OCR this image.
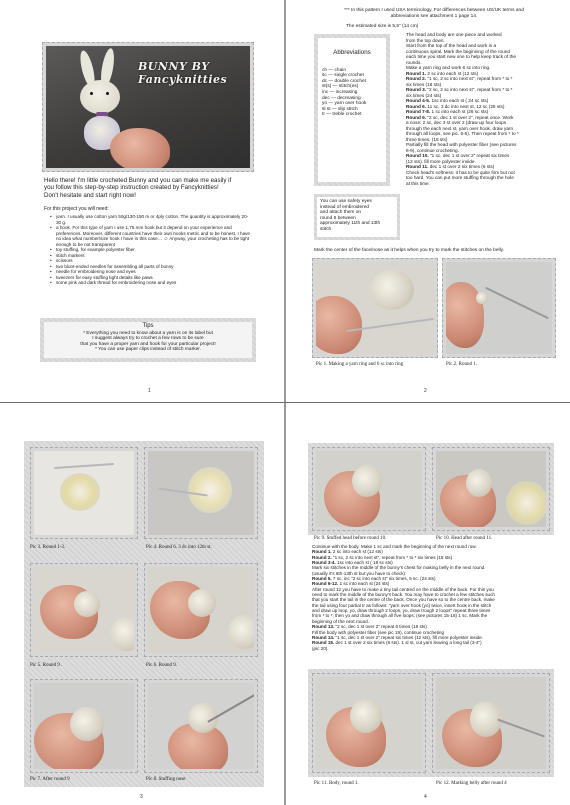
BUNNY BY Fancyknitties
Hello there! I'm little crocheted Bunny and you can make me easily if
you follow this step-by-step instruction created by Fancyknitties!
Don't hesitate and start right now!
For this project you will need:
• yarn. I usually use cotton yarn 50g/130-150 m or 4ply cotton. The quantity is approximately 20-30 g.
• a hook. For this type of yarn I use 1,75 mm hook but it depend on your experience and preferences. Moreover, different countries have their own hooks metric and to be honest, I have no idea what number/size hook I have in this case… ☺ Anyway, your crocheting has to be tight enough to be not transparent
• toy stuffing, for example polyester fiber
• stitch markers
• scissors
• two blunt-ended needles for assembling all parts of bunny
• needle for embroidering nose and eyes
• tweezers for easy stuffing tight details like paws
• some pink and dark thread for embroidering nose and eyes
Tips
* Everything you need to know about a yarn is on its label but
I suggest always try to crochet a few rows to be sure
that you have a proper yarn and hook for your particular project!
* You can use paper clips instead of stitch marker.
1
*** In this pattern I used USA terminology. For differences between US/UK terms and
abbreviations see attachment 1 page 14.
The estimated size is 5,5" (14 cm)
Abbreviations
ch — chain
sc — single crochet
dc — double crochet
st(s) — stitch(es)
inc — increasing
dec — decreasing
yo — yarn over hook
sl st — slip stitch
tr — treble crochet
You can use safety eyes
instead of embroidered
and attach them on
round 6 between
approximately 11th and 13th
stitch
The head and body are one piece and worked
from the top down.
Start from the top of the head and work in a
continuous spiral. Mark the beginning of the round
each time you start new one to help keep track of the
rounds.
Make a yarn ring and work 6 sc into ring.
Round 1. 2 sc into each st (12 sts)
Round 2. "1 sc, 2 sc into next st", repeat from * to *
six times (18 sts)
Round 3. "2 sc, 2 sc into next st", repeat from * to *
six times (24 sts)
Round 4-5. 1sc into each st ( 24 sc sts)
Round 6. 11 sc, 3 dc into next st, 12 sc (26 sts)
Round 7-8. 1 sc into each st (26 sc sts)
Round 9. "2 sc, dec 1 st over 2", repeat once. Work
a nose: 2 sc, dec 3 st over 2 (draw up four loops
through the each next st, yarn over hook, draw yarn
through all loops, see pic. 5-6). Then repeat from * to *
three times. (18 sts)
Partially fill the head with polyester fiber (see pictures
8-9), continue crocheting.
Round 10. "1 sc, dec 1 st over 2" repeat six times
(12 sts), fill more polyester inside.
Round 11. dec 1 st over 2 six times (6 sts)
Check head's softness: it has to be quite firm but not
too hard. You can put more stuffing through the hole
at this time.
Mark the center of the face/nose as it helps when you try to mark the stitches on the belly.
Pic 1. Making a yarn ring and 6 sc into ring	Pic 2. Round 1.
2
Pic 3. Round 1-3.	Pic 4. Round 6. 3 dc into 12th st.
Pic 5. Round 9 .	Pic 6. Round 9.
Pic 7. After round 9	Pic 8. Stuffing nose
3
Pic 9. Stuffed head before round 10.	Pic 10. Head after round 11.
Continue with the body. Make 1 sc and mark the beginning of the next round row.
Round 1. 2 sc into each st (12 sts)
Round 2. "1 sc, 2 sc into next st", repeat from * to * six times (18 sts)
Round 3-4. 1sc into each st ( 18 sc sts)
Mark six stitches in the middle of the bunny's chest for making belly in the next round.
(usually it's 6th-13th st but you have to check)
Round 5. 7 sc, inc "2 sc into each st" six times, 5 sc. (24 sts)
Round 6-12. 1 sc into each st (24 sts)
After round 12 you have to make a tiny tail centred on the middle of the back. For this you
need to mark the middle of the bunny's back. You may have to crochet a few stitches such
that you start the tail in the centre of the back. Once you have so to the centre back, make
the tail using four partial tr as follows: "yarn over hook (yo) twice, insert hook in the stitch
and draw up loop, yo, draw through 2 loops, yo, draw trough 2 loops" repeat three times
from * to *, then yo and draw through all five loops. (see pictures 15-18) 1 sc. Mark the
beginning of the next round.
Round 13. "2 sc, dec 1 st over 2" repeat 6 times (18 sts)
Fill the body with polyester fiber (see pic 19), continue crocheting
Round 14. "1 sc, dec 1 st over 2" repeat six times (12 sts), fill more polyester inside.
Round 15. dec 1 st over 2 six times (6 sts). 1 sl st, cut yarn leaving a long tail (3-4")
(pic 20).
Pic 11. Body, round 1.	Pic 12. Marking belly after round 4
4
